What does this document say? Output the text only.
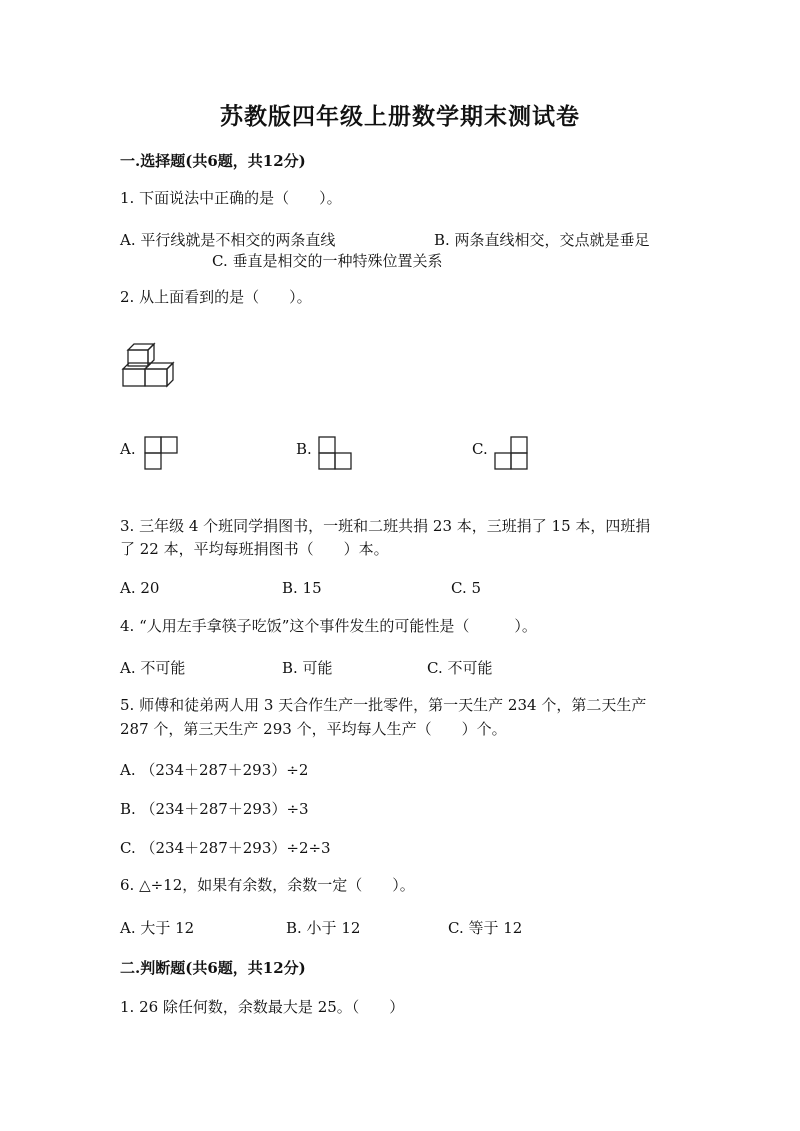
苏教版四年级上册数学期末测试卷
一.选择题(共6题，共12分)
1. 下面说法中正确的是（　　）。
A. 平行线就是不相交的两条直线	B. 两条直线相交，交点就是垂足
C. 垂直是相交的一种特殊位置关系
2. 从上面看到的是（　　）。
A.	B.	C.
3. 三年级 4 个班同学捐图书，一班和二班共捐 23 本，三班捐了 15 本，四班捐
了 22 本，平均每班捐图书（　　）本。
A. 20	B. 15	C. 5
4. “人用左手拿筷子吃饭”这个事件发生的可能性是（　　　）。
A. 不可能	B. 可能	C. 不可能
5. 师傅和徒弟两人用 3 天合作生产一批零件，第一天生产 234 个，第二天生产
287 个，第三天生产 293 个，平均每人生产（　　）个。
A. （234＋287＋293）÷2
B. （234＋287＋293）÷3
C. （234＋287＋293）÷2÷3
6. △÷12，如果有余数，余数一定（　　）。
A. 大于 12	B. 小于 12	C. 等于 12
二.判断题(共6题，共12分)
1. 26 除任何数，余数最大是 25。（　　）
